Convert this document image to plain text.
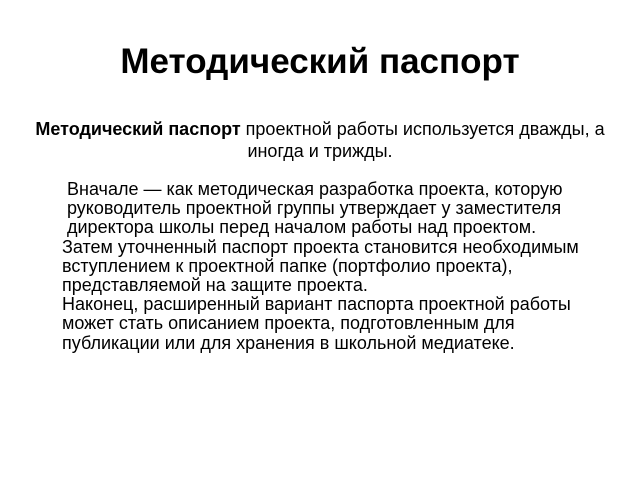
Методический паспорт

Методический паспорт проектной работы используется дважды, а иногда и трижды.

Вначале — как методическая разработка проекта, которую руководитель проектной группы утверждает у заместителя директора школы перед началом работы над проектом.

Затем уточненный паспорт проекта становится необходимым вступлением к проектной папке (портфолио проекта), представляемой на защите проекта.

Наконец, расширенный вариант паспорта проектной работы может стать описанием проекта, подготовленным для публикации или для хранения в школьной медиатеке.
